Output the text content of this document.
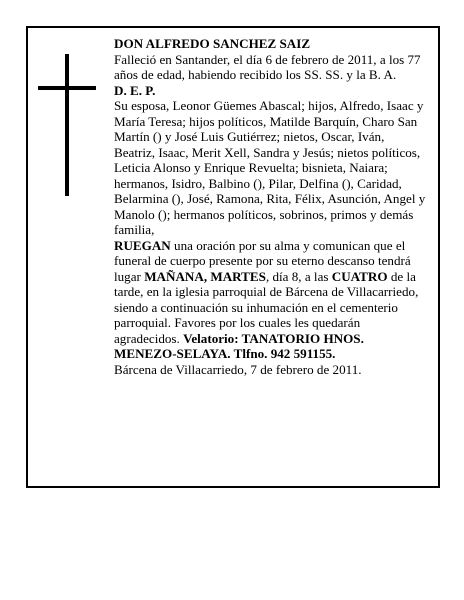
DON ALFREDO SANCHEZ SAIZ

Falleció en Santander, el día 6 de febrero de 2011, a los 77 años de edad, habiendo recibido los SS. SS. y la B. A.

D. E. P.

Su esposa, Leonor Güemes Abascal; hijos, Alfredo, Isaac y María Teresa; hijos políticos, Matilde Barquín, Charo San Martín () y José Luis Gutiérrez; nietos, Oscar, Iván, Beatriz, Isaac, Merit Xell, Sandra y Jesús; nietos políticos, Leticia Alonso y Enrique Revuelta; bisnieta, Naiara; hermanos, Isidro, Balbino (), Pilar, Delfina (), Caridad, Belarmina (), José, Ramona, Rita, Félix, Asunción, Angel y Manolo (); hermanos políticos, sobrinos, primos y demás familia,

RUEGAN una oración por su alma y comunican que el funeral de cuerpo presente por su eterno descanso tendrá lugar MAÑANA, MARTES, día 8, a las CUATRO de la tarde, en la iglesia parroquial de Bárcena de Villacarriedo, siendo a continuación su inhumación en el cementerio parroquial. Favores por los cuales les quedarán agradecidos. Velatorio: TANATORIO HNOS. MENEZO-SELAYA. Tlfno. 942 591155.

Bárcena de Villacarriedo, 7 de febrero de 2011.
